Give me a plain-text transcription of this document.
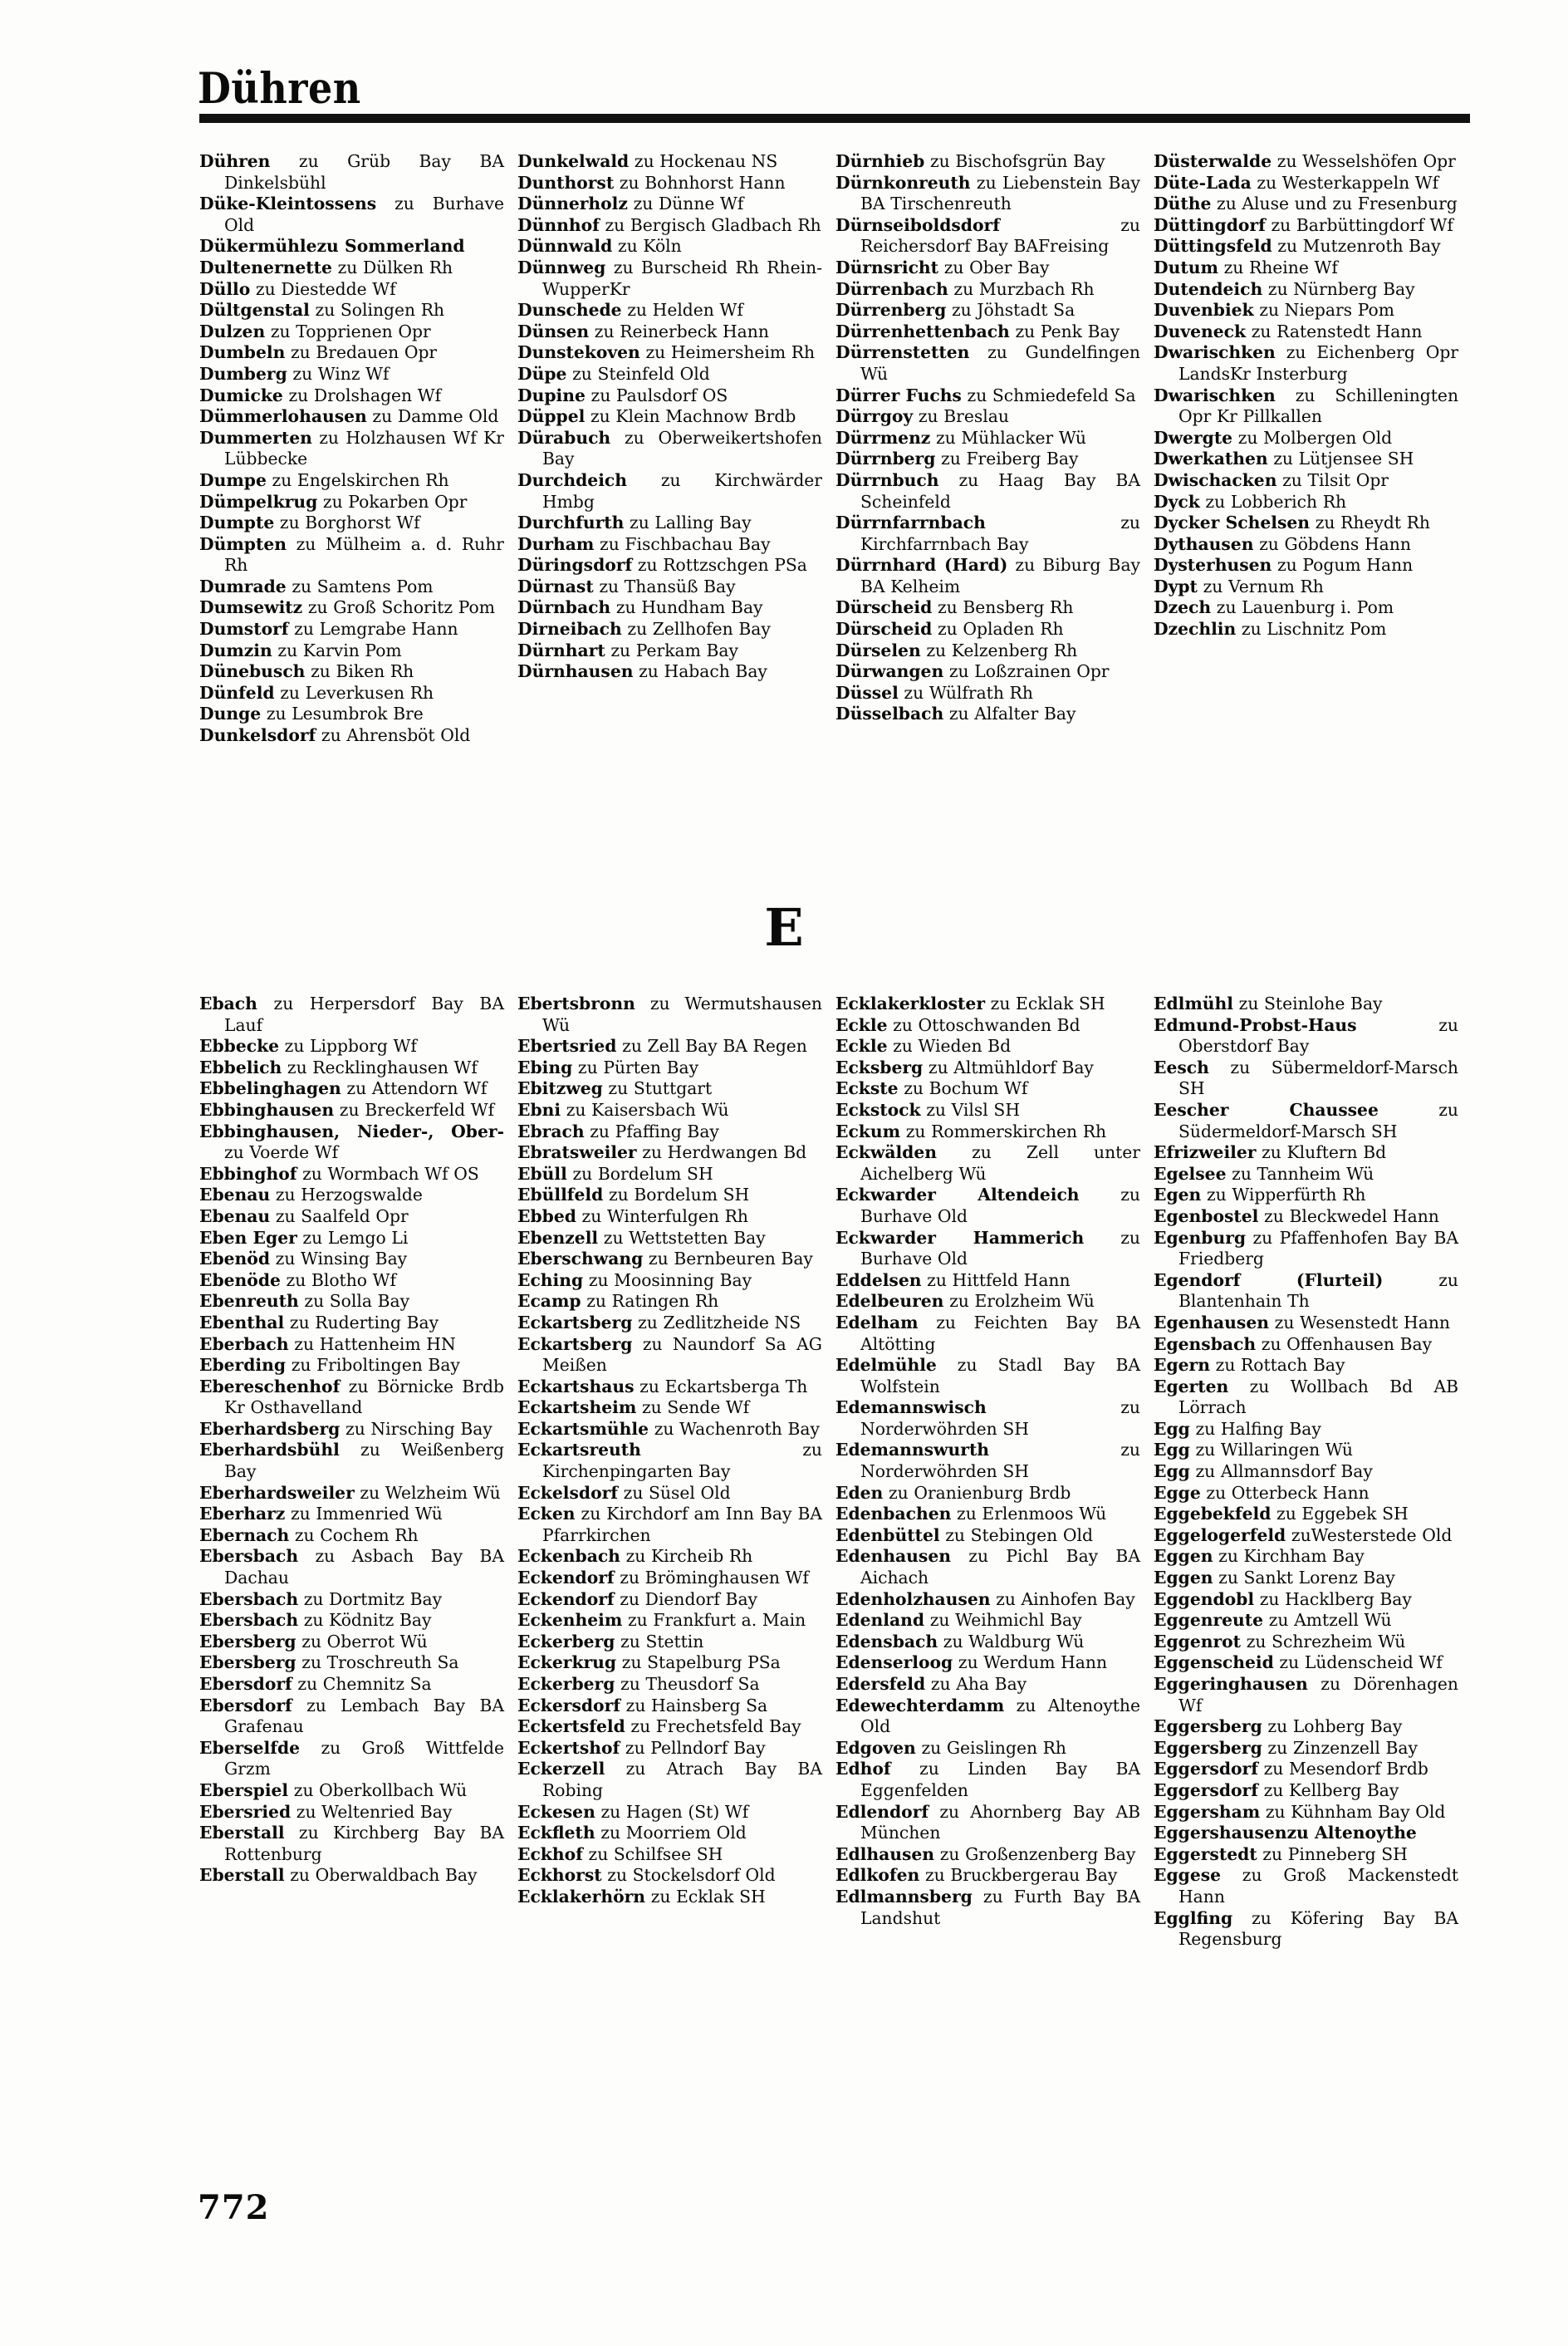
Dühren

Dühren zu Grüb Bay BA Dinkelsbühl

Düke-Kleintossens zu Burhave Old

Dükermühlezu Sommerland

Dultenernette zu Dülken Rh

Düllo zu Diestedde Wf

Dültgenstal zu Solingen Rh

Dulzen zu Topprienen Opr

Dumbeln zu Bredauen Opr

Dumberg zu Winz Wf

Dumicke zu Drolshagen Wf

Dümmerlohausen zu Damme Old

Dummerten zu Holzhausen Wf Kr Lübbecke

Dumpe zu Engelskirchen Rh

Dümpelkrug zu Pokarben Opr

Dumpte zu Borghorst Wf

Dümpten zu Mülheim a. d. Ruhr Rh

Dumrade zu Samtens Pom

Dumsewitz zu Groß Schoritz Pom

Dumstorf zu Lemgrabe Hann

Dumzin zu Karvin Pom

Dünebusch zu Biken Rh

Dünfeld zu Leverkusen Rh

Dunge zu Lesumbrok Bre

Dunkelsdorf zu Ahrensböt Old

Dunkelwald zu Hockenau NS

Dunthorst zu Bohnhorst Hann

Dünnerholz zu Dünne Wf

Dünnhof zu Bergisch Gladbach Rh

Dünnwald zu Köln

Dünnweg zu Burscheid Rh Rhein-WupperKr

Dunschede zu Helden Wf

Dünsen zu Reinerbeck Hann

Dunstekoven zu Heimersheim Rh

Düpe zu Steinfeld Old

Dupine zu Paulsdorf OS

Düppel zu Klein Machnow Brdb

Dürabuch zu Oberweikertshofen Bay

Durchdeich zu Kirchwärder Hmbg

Durchfurth zu Lalling Bay

Durham zu Fischbachau Bay

Düringsdorf zu Rottzschgen PSa

Dürnast zu Thansüß Bay

Dürnbach zu Hundham Bay

Dirneibach zu Zellhofen Bay

Dürnhart zu Perkam Bay

Dürnhausen zu Habach Bay

Dürnhieb zu Bischofsgrün Bay

Dürnkonreuth zu Liebenstein Bay BA Tirschenreuth

Dürnseiboldsdorf zu Reichersdorf Bay BAFreising

Dürnsricht zu Ober Bay

Dürrenbach zu Murzbach Rh

Dürrenberg zu Jöhstadt Sa

Dürrenhettenbach zu Penk Bay

Dürrenstetten zu Gundelfingen Wü

Dürrer Fuchs zu Schmiedefeld Sa

Dürrgoy zu Breslau

Dürrmenz zu Mühlacker Wü

Dürrnberg zu Freiberg Bay

Dürrnbuch zu Haag Bay BA Scheinfeld

Dürrnfarrnbach zu Kirchfarrnbach Bay

Dürrnhard (Hard) zu Biburg Bay BA Kelheim

Dürscheid zu Bensberg Rh

Dürscheid zu Opladen Rh

Dürselen zu Kelzenberg Rh

Dürwangen zu Loßzrainen Opr

Düssel zu Wülfrath Rh

Düsselbach zu Alfalter Bay

Düsterwalde zu Wesselshöfen Opr

Düte-Lada zu Westerkappeln Wf

Düthe zu Aluse und zu Fresenburg

Düttingdorf zu Barbüttingdorf Wf

Düttingsfeld zu Mutzenroth Bay

Dutum zu Rheine Wf

Dutendeich zu Nürnberg Bay

Duvenbiek zu Niepars Pom

Duveneck zu Ratenstedt Hann

Dwarischken zu Eichenberg Opr LandsKr Insterburg

Dwarischken zu Schilleningten Opr Kr Pillkallen

Dwergte zu Molbergen Old

Dwerkathen zu Lütjensee SH

Dwischacken zu Tilsit Opr

Dyck zu Lobberich Rh

Dycker Schelsen zu Rheydt Rh

Dythausen zu Göbdens Hann

Dysterhusen zu Pogum Hann

Dypt zu Vernum Rh

Dzech zu Lauenburg i. Pom

Dzechlin zu Lischnitz Pom

E

Ebach zu Herpersdorf Bay BA Lauf

Ebbecke zu Lippborg Wf

Ebbelich zu Recklinghausen Wf

Ebbelinghagen zu Attendorn Wf

Ebbinghausen zu Breckerfeld Wf

Ebbinghausen, Nieder-, Ober- zu Voerde Wf

Ebbinghof zu Wormbach Wf OS

Ebenau zu Herzogswalde

Ebenau zu Saalfeld Opr

Eben Eger zu Lemgo Li

Ebenöd zu Winsing Bay

Ebenöde zu Blotho Wf

Ebenreuth zu Solla Bay

Ebenthal zu Ruderting Bay

Eberbach zu Hattenheim HN

Eberding zu Friboltingen Bay

Ebereschenhof zu Börnicke Brdb Kr Osthavelland

Eberhardsberg zu Nirsching Bay

Eberhardsbühl zu Weißenberg Bay

Eberhardsweiler zu Welzheim Wü

Eberharz zu Immenried Wü

Ebernach zu Cochem Rh

Ebersbach zu Asbach Bay BA Dachau

Ebersbach zu Dortmitz Bay

Ebersbach zu Ködnitz Bay

Ebersberg zu Oberrot Wü

Ebersberg zu Troschreuth Sa

Ebersdorf zu Chemnitz Sa

Ebersdorf zu Lembach Bay BA Grafenau

Eberselfde zu Groß Wittfelde Grzm

Eberspiel zu Oberkollbach Wü

Ebersried zu Weltenried Bay

Eberstall zu Kirchberg Bay BA Rottenburg

Eberstall zu Oberwaldbach Bay

Ebertsbronn zu Wermutshausen Wü

Ebertsried zu Zell Bay BA Regen

Ebing zu Pürten Bay

Ebitzweg zu Stuttgart

Ebni zu Kaisersbach Wü

Ebrach zu Pfaffing Bay

Ebratsweiler zu Herdwangen Bd

Ebüll zu Bordelum SH

Ebüllfeld zu Bordelum SH

Ebbed zu Winterfulgen Rh

Ebenzell zu Wettstetten Bay

Eberschwang zu Bernbeuren Bay

Eching zu Moosinning Bay

Ecamp zu Ratingen Rh

Eckartsberg zu Zedlitzheide NS

Eckartsberg zu Naundorf Sa AG Meißen

Eckartshaus zu Eckartsberga Th

Eckartsheim zu Sende Wf

Eckartsmühle zu Wachenroth Bay

Eckartsreuth zu Kirchenpingarten Bay

Eckelsdorf zu Süsel Old

Ecken zu Kirchdorf am Inn Bay BA Pfarrkirchen

Eckenbach zu Kircheib Rh

Eckendorf zu Bröminghausen Wf

Eckendorf zu Diendorf Bay

Eckenheim zu Frankfurt a. Main

Eckerberg zu Stettin

Eckerkrug zu Stapelburg PSa

Eckerberg zu Theusdorf Sa

Eckersdorf zu Hainsberg Sa

Eckertsfeld zu Frechetsfeld Bay

Eckertshof zu Pellndorf Bay

Eckerzell zu Atrach Bay BA Robing

Eckesen zu Hagen (St) Wf

Eckfleth zu Moorriem Old

Eckhof zu Schilfsee SH

Eckhorst zu Stockelsdorf Old

Ecklakerhörn zu Ecklak SH

Ecklakerkloster zu Ecklak SH

Eckle zu Ottoschwanden Bd

Eckle zu Wieden Bd

Ecksberg zu Altmühldorf Bay

Eckste zu Bochum Wf

Eckstock zu Vilsl SH

Eckum zu Rommerskirchen Rh

Eckwälden zu Zell unter Aichelberg Wü

Eckwarder Altendeich zu Burhave Old

Eckwarder Hammerich zu Burhave Old

Eddelsen zu Hittfeld Hann

Edelbeuren zu Erolzheim Wü

Edelham zu Feichten Bay BA Altötting

Edelmühle zu Stadl Bay BA Wolfstein

Edemannswisch zu Norderwöhrden SH

Edemannswurth zu Norderwöhrden SH

Eden zu Oranienburg Brdb

Edenbachen zu Erlenmoos Wü

Edenbüttel zu Stebingen Old

Edenhausen zu Pichl Bay BA Aichach

Edenholzhausen zu Ainhofen Bay

Edenland zu Weihmichl Bay

Edensbach zu Waldburg Wü

Edenserloog zu Werdum Hann

Edersfeld zu Aha Bay

Edewechterdamm zu Altenoythe Old

Edgoven zu Geislingen Rh

Edhof zu Linden Bay BA Eggenfelden

Edlendorf zu Ahornberg Bay AB München

Edlhausen zu Großenzenberg Bay

Edlkofen zu Bruckbergerau Bay

Edlmannsberg zu Furth Bay BA Landshut

Edlmühl zu Steinlohe Bay

Edmund-Probst-Haus zu Oberstdorf Bay

Eesch zu Sübermeldorf-Marsch SH

Eescher Chaussee zu Südermeldorf-Marsch SH

Efrizweiler zu Kluftern Bd

Egelsee zu Tannheim Wü

Egen zu Wipperfürth Rh

Egenbostel zu Bleckwedel Hann

Egenburg zu Pfaffenhofen Bay BA Friedberg

Egendorf (Flurteil) zu Blantenhain Th

Egenhausen zu Wesenstedt Hann

Egensbach zu Offenhausen Bay

Egern zu Rottach Bay

Egerten zu Wollbach Bd AB Lörrach

Egg zu Halfing Bay

Egg zu Willaringen Wü

Egg zu Allmannsdorf Bay

Egge zu Otterbeck Hann

Eggebekfeld zu Eggebek SH

Eggelogerfeld zuWesterstede Old

Eggen zu Kirchham Bay

Eggen zu Sankt Lorenz Bay

Eggendobl zu Hacklberg Bay

Eggenreute zu Amtzell Wü

Eggenrot zu Schrezheim Wü

Eggenscheid zu Lüdenscheid Wf

Eggeringhausen zu Dörenhagen Wf

Eggersberg zu Lohberg Bay

Eggersberg zu Zinzenzell Bay

Eggersdorf zu Mesendorf Brdb

Eggersdorf zu Kellberg Bay

Eggersham zu Kühnham Bay Old

Eggershausenzu Altenoythe

Eggerstedt zu Pinneberg SH

Eggese zu Groß Mackenstedt Hann

Egglfing zu Köfering Bay BA Regensburg

772
